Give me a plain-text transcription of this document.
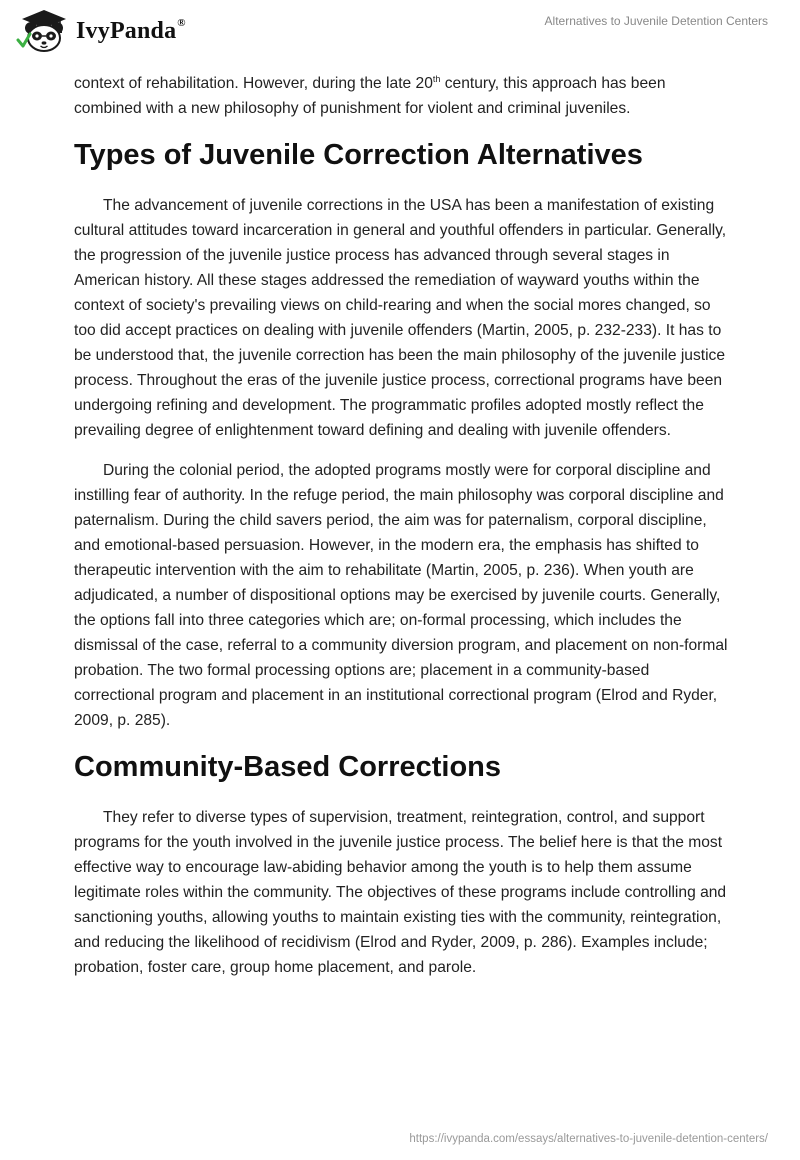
IvyPanda®	Alternatives to Juvenile Detention Centers

context of rehabilitation. However, during the late 20th century, this approach has been combined with a new philosophy of punishment for violent and criminal juveniles.

Types of Juvenile Correction Alternatives

The advancement of juvenile corrections in the USA has been a manifestation of existing cultural attitudes toward incarceration in general and youthful offenders in particular. Generally, the progression of the juvenile justice process has advanced through several stages in American history. All these stages addressed the remediation of wayward youths within the context of society's prevailing views on child-rearing and when the social mores changed, so too did accept practices on dealing with juvenile offenders (Martin, 2005, p. 232-233). It has to be understood that, the juvenile correction has been the main philosophy of the juvenile justice process. Throughout the eras of the juvenile justice process, correctional programs have been undergoing refining and development. The programmatic profiles adopted mostly reflect the prevailing degree of enlightenment toward defining and dealing with juvenile offenders.

During the colonial period, the adopted programs mostly were for corporal discipline and instilling fear of authority. In the refuge period, the main philosophy was corporal discipline and paternalism. During the child savers period, the aim was for paternalism, corporal discipline, and emotional-based persuasion. However, in the modern era, the emphasis has shifted to therapeutic intervention with the aim to rehabilitate (Martin, 2005, p. 236). When youth are adjudicated, a number of dispositional options may be exercised by juvenile courts. Generally, the options fall into three categories which are; on-formal processing, which includes the dismissal of the case, referral to a community diversion program, and placement on non-formal probation. The two formal processing options are; placement in a community-based correctional program and placement in an institutional correctional program (Elrod and Ryder, 2009, p. 285).

Community-Based Corrections

They refer to diverse types of supervision, treatment, reintegration, control, and support programs for the youth involved in the juvenile justice process. The belief here is that the most effective way to encourage law-abiding behavior among the youth is to help them assume legitimate roles within the community. The objectives of these programs include controlling and sanctioning youths, allowing youths to maintain existing ties with the community, reintegration, and reducing the likelihood of recidivism (Elrod and Ryder, 2009, p. 286). Examples include; probation, foster care, group home placement, and parole.

https://ivypanda.com/essays/alternatives-to-juvenile-detention-centers/
